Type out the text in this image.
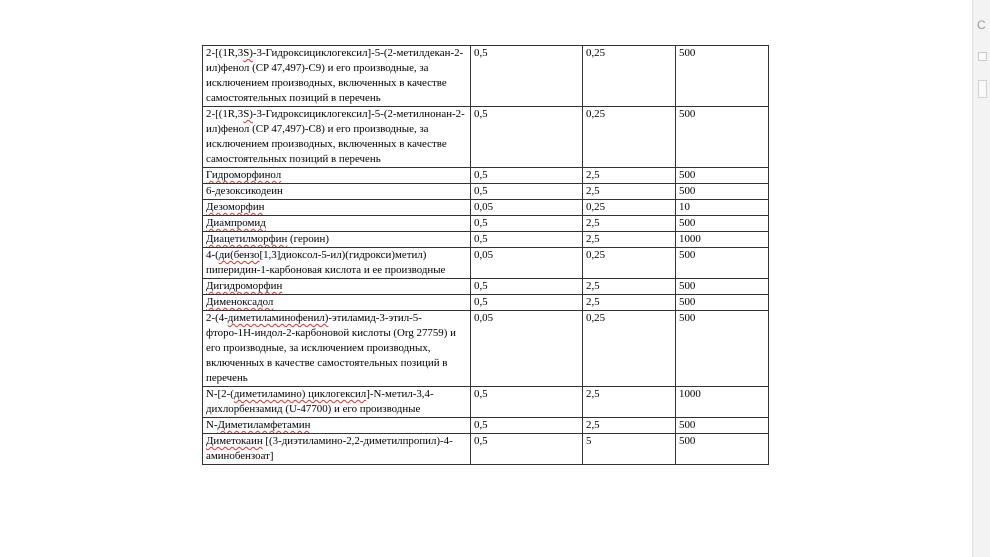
2-[(1R,3S)-3-Гидроксициклогексил]-5-(2-метилдекан-2-ил)фенол (CP 47,497)-C9) и его производные, за исключением производных, включенных в качестве самостоятельных позиций в перечень	0,5	0,25	500
2-[(1R,3S)-3-Гидроксициклогексил]-5-(2-метилнонан-2-ил)фенол (CP 47,497)-C8) и его производные, за исключением производных, включенных в качестве самостоятельных позиций в перечень	0,5	0,25	500
Гидроморфинол	0,5	2,5	500
6-дезоксикодеин	0,5	2,5	500
Дезоморфин	0,05	0,25	10
Диампромид	0,5	2,5	500
Диацетилморфин (героин)	0,5	2,5	1000
4-(ди(бензо[1,3]диоксол-5-ил)(гидрокси)метил) пиперидин-1-карбоновая кислота и ее производные	0,05	0,25	500
Дигидроморфин	0,5	2,5	500
Дименоксадол	0,5	2,5	500
2-(4-диметиламинофенил)-этиламид-3-этил-5-фторо-1H-индол-2-карбоновой кислоты (Org 27759) и его производные, за исключением производных, включенных в качестве самостоятельных позиций в перечень	0,05	0,25	500
N-[2-(диметиламино) циклогексил]-N-метил-3,4-дихлорбензамид (U-47700) и его производные	0,5	2,5	1000
N-Диметиламфетамин	0,5	2,5	500
Диметокаин [(3-диэтиламино-2,2-диметилпропил)-4-аминобензоат]	0,5	5	500
C
